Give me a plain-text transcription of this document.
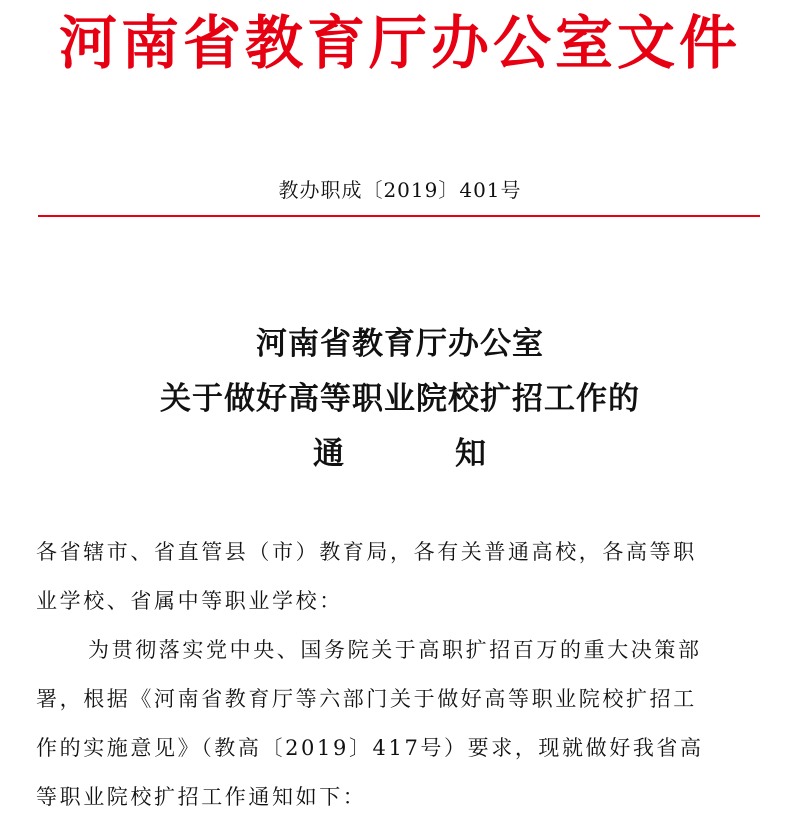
河南省教育厅办公室文件
教办职成〔2019〕401号
河南省教育厅办公室
关于做好高等职业院校扩招工作的
通	知
各省辖市、省直管县（市）教育局，各有关普通高校，各高等职
业学校、省属中等职业学校：
为贯彻落实党中央、国务院关于高职扩招百万的重大决策部
署，根据《河南省教育厅等六部门关于做好高等职业院校扩招工
作的实施意见》（教高〔2019〕417号）要求，现就做好我省高
等职业院校扩招工作通知如下：
